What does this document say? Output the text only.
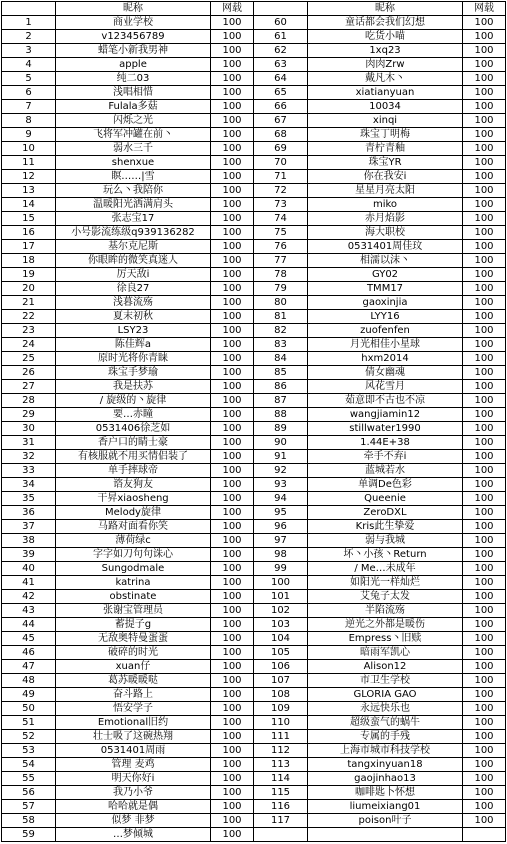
	昵称	网载		昵称	网载
1	商业学校	100	60	童话都会我们幻想	100
2	v123456789	100	61	吃货小喵	100
3	蜡笔小新我男神	100	62	1xq23	100
4	apple	100	63	肉肉Zrw	100
5	纯二03	100	64	戴凡木丶	100
6	浅唱相惜	100	65	xiatianyuan	100
7	Fulala多菇	100	66	10034	100
8	闪烁之光	100	67	xinqi	100
9	飞将军冲罐在前丶	100	68	珠宝丁明梅	100
10	弱水三千	100	69	青柠青釉	100
11	shenxue	100	70	珠宝YR	100
12	瞑……|雪	100	71	你在我安i	100
13	玩么丶我陪你	100	72	星星月亮太阳	100
14	温暖阳光洒满肩头	100	73	miko	100
15	张志宝17	100	74	赤月焰影	100
16	小号影流练级q939136282	100	75	海大职校	100
17	基尔克尼斯	100	76	0531401周佳玟	100
18	你眼眸的微笑真迷人	100	77	相濡以沫丶	100
19	厉天敌i	100	78	GY02	100
20	徐良27	100	79	TMM17	100
21	浅暮流殇	100	80	gaoxinjia	100
22	夏末初秋	100	81	LYY16	100
23	LSY23	100	82	zuofenfen	100
24	陈佳辉a	100	83	月光相佳小星球	100
25	原时光将你青睐	100	84	hxm2014	100
26	珠宝手梦瑜	100	85	倩女幽魂	100
27	我是扶苏	100	86	风花雪月	100
28	/ 旋级的丶旋律	100	87	茹意即不古也不凉	100
29	要…赤瞳	100	88	wangjiamin12	100
30	0531406徐芝如	100	89	stillwater1990	100
31	香户口的睛士豪	100	90	1.44E+38	100
32	有核服就不用买情侣装了	100	91	牵手不弃i	100
33	单手摔球帝	100	92	蓝城若水	100
34	谘友狗友	100	93	单调De色彩	100
35	干昇xiaosheng	100	94	Queenie	100
36	Melody旋律	100	95	ZeroDXL	100
37	马路对面看你笑	100	96	Kris此生挚爱	100
38	薄荷绿c	100	97	弱与我城	100
39	字字如刀句句诛心	100	98	坏丶小孩丶Return	100
40	Sungodmale	100	99	/ Me…未成年	100
41	katrina	100	100	如阳光一样灿烂	100
42	obstinate	100	101	艾兔子太发	100
43	张谢宝管理员	100	102	半陷流殇	100
44	蓄提子g	100	103	逆光之外都是暖伤	100
45	无敌奥特曼蛋蛋	100	104	Empress丶旧赎	100
46	破碎的时光	100	105	暗雨军凯心	100
47	xuan仔	100	106	Alison12	100
48	葛苏暖暖哒	100	107	市卫生学校	100
49	奋斗路上	100	108	GLORIA GAO	100
50	悟安学子	100	109	永远快乐也	100
51	Emotional旧约	100	110	超级蛮气的蜗牛	100
52	壮士吸了这碗热翔	100	111	专属的手残	100
53	0531401周雨	100	112	上海市城市科技学校	100
54	管理 麦鸡	100	113	tangxinyuan18	100
55	明天你好i	100	114	gaojinhao13	100
56	我乃小爷	100	115	咖啡匙卜怀想	100
57	哈哈就是偶	100	116	liumeixiang01	100
58	似梦 非梦	100	117	poison叶子	100
59	…梦倾城	100			
